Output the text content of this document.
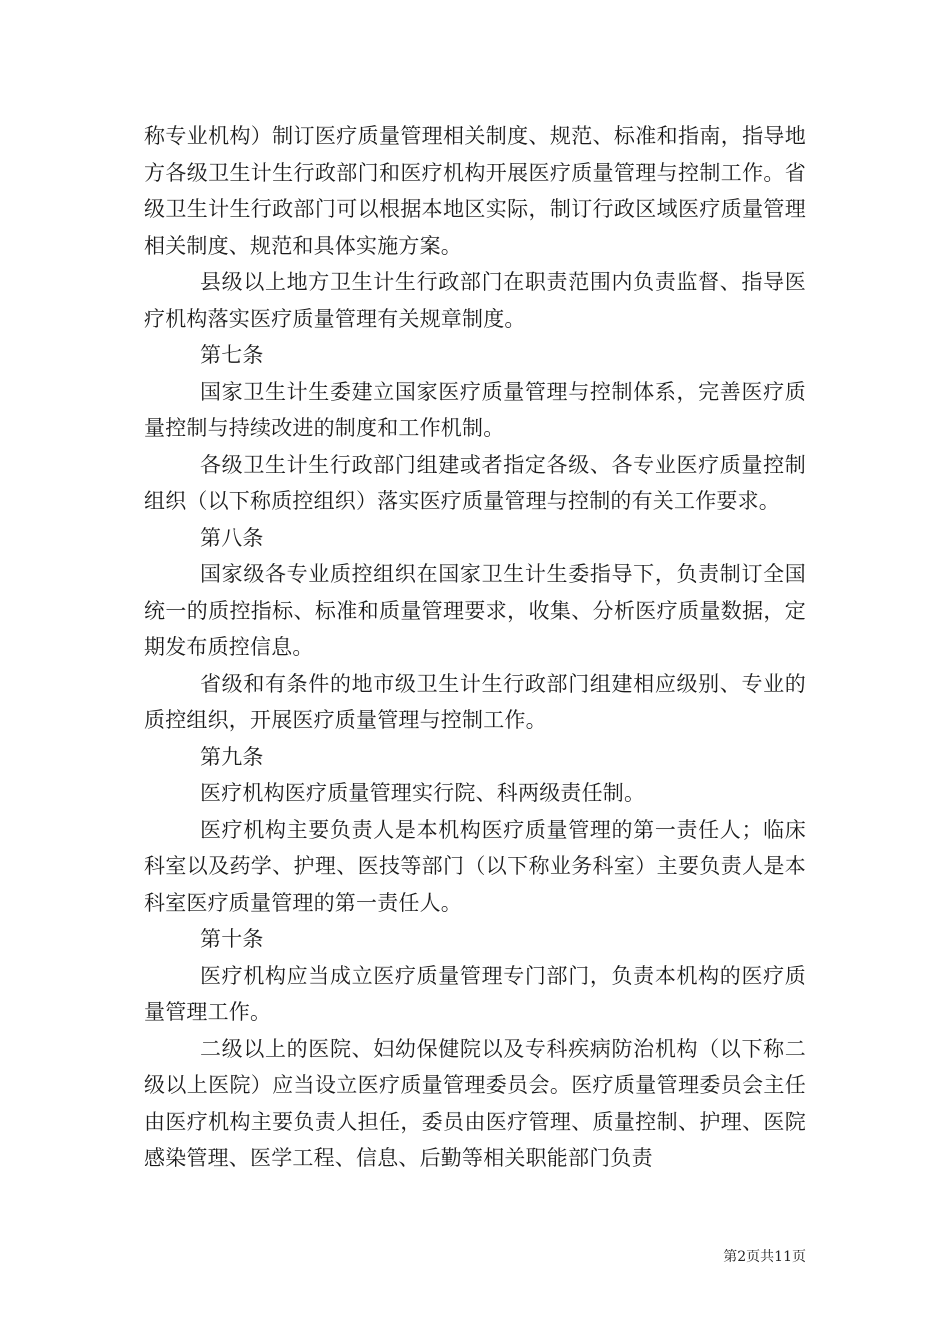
称专业机构）制订医疗质量管理相关制度、规范、标准和指南，指导地方各级卫生计生行政部门和医疗机构开展医疗质量管理与控制工作。省级卫生计生行政部门可以根据本地区实际，制订行政区域医疗质量管理相关制度、规范和具体实施方案。

县级以上地方卫生计生行政部门在职责范围内负责监督、指导医疗机构落实医疗质量管理有关规章制度。

第七条

国家卫生计生委建立国家医疗质量管理与控制体系，完善医疗质量控制与持续改进的制度和工作机制。

各级卫生计生行政部门组建或者指定各级、各专业医疗质量控制组织（以下称质控组织）落实医疗质量管理与控制的有关工作要求。

第八条

国家级各专业质控组织在国家卫生计生委指导下，负责制订全国统一的质控指标、标准和质量管理要求，收集、分析医疗质量数据，定期发布质控信息。

省级和有条件的地市级卫生计生行政部门组建相应级别、专业的质控组织，开展医疗质量管理与控制工作。

第九条

医疗机构医疗质量管理实行院、科两级责任制。

医疗机构主要负责人是本机构医疗质量管理的第一责任人；临床科室以及药学、护理、医技等部门（以下称业务科室）主要负责人是本科室医疗质量管理的第一责任人。

第十条

医疗机构应当成立医疗质量管理专门部门，负责本机构的医疗质量管理工作。

二级以上的医院、妇幼保健院以及专科疾病防治机构（以下称二级以上医院）应当设立医疗质量管理委员会。医疗质量管理委员会主任由医疗机构主要负责人担任，委员由医疗管理、质量控制、护理、医院感染管理、医学工程、信息、后勤等相关职能部门负责

第2页共11页
